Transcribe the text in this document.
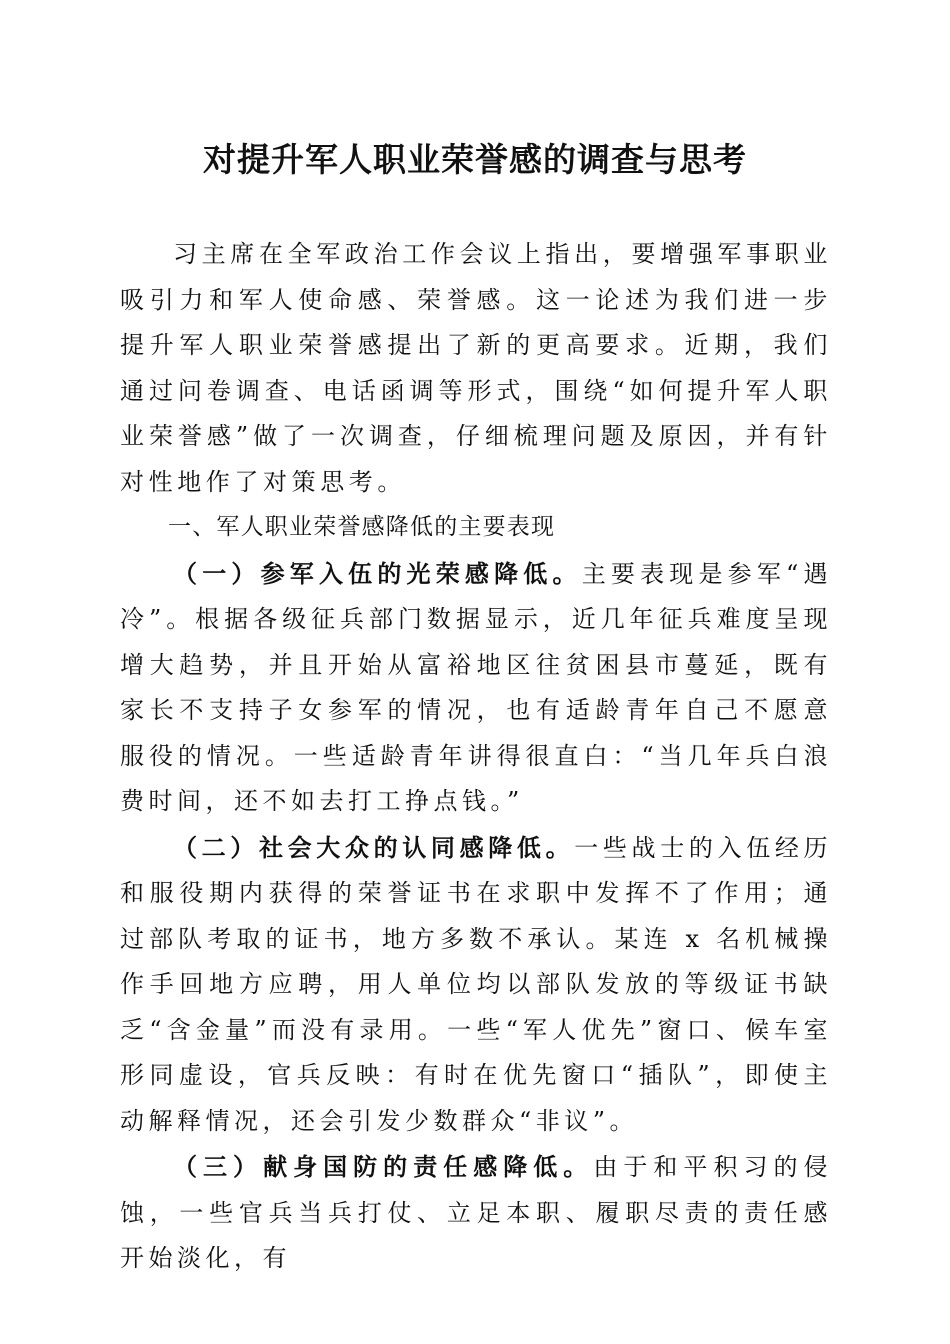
对提升军人职业荣誉感的调查与思考

习主席在全军政治工作会议上指出，要增强军事职业吸引力和军人使命感、荣誉感。这一论述为我们进一步提升军人职业荣誉感提出了新的更高要求。近期，我们通过问卷调查、电话函调等形式，围绕“如何提升军人职业荣誉感”做了一次调查，仔细梳理问题及原因，并有针对性地作了对策思考。

一、军人职业荣誉感降低的主要表现

（一）参军入伍的光荣感降低。主要表现是参军“遇冷”。根据各级征兵部门数据显示，近几年征兵难度呈现增大趋势，并且开始从富裕地区往贫困县市蔓延，既有家长不支持子女参军的情况，也有适龄青年自己不愿意服役的情况。一些适龄青年讲得很直白：“当几年兵白浪费时间，还不如去打工挣点钱。”

（二）社会大众的认同感降低。一些战士的入伍经历和服役期内获得的荣誉证书在求职中发挥不了作用；通过部队考取的证书，地方多数不承认。某连 x 名机械操作手回地方应聘，用人单位均以部队发放的等级证书缺乏“含金量”而没有录用。一些“军人优先”窗口、候车室形同虚设，官兵反映：有时在优先窗口“插队”，即使主动解释情况，还会引发少数群众“非议”。

（三）献身国防的责任感降低。由于和平积习的侵蚀，一些官兵当兵打仗、立足本职、履职尽责的责任感开始淡化，有
